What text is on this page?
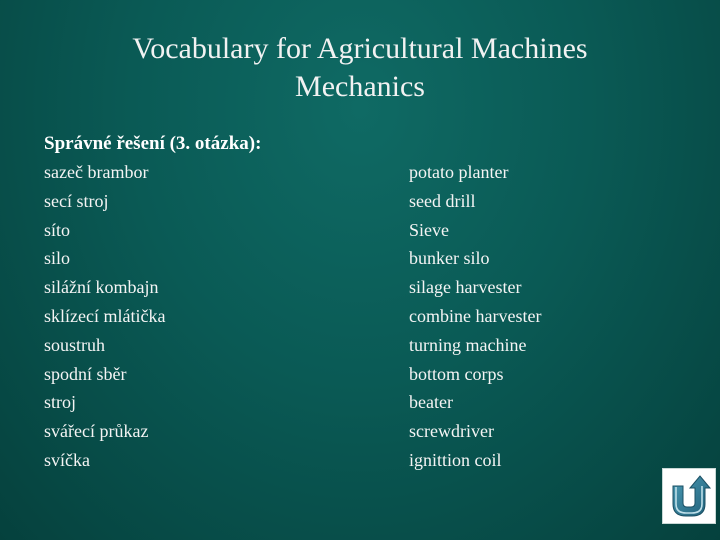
Vocabulary for Agricultural Machines
Mechanics
Správné řešení (3. otázka):
sazeč brambor	potato planter
secí stroj	seed drill
síto	Sieve
silo	bunker silo
silážní kombajn	silage harvester
sklízecí mlátička	combine harvester
soustruh	turning machine
spodní sběr	bottom corps
stroj	beater
svářecí průkaz	screwdriver
svíčka	ignittion coil
